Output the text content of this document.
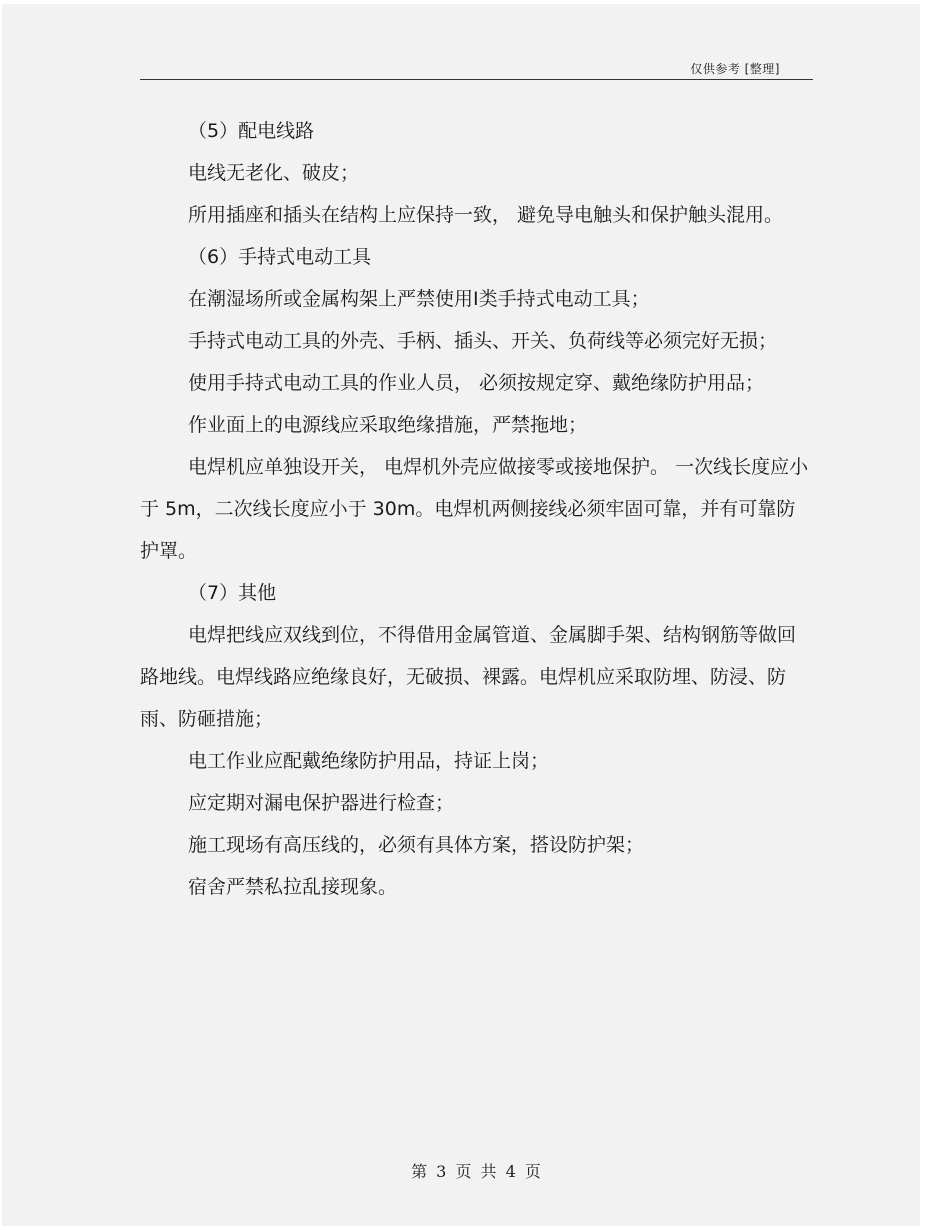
仅供参考 [整理]

（5）配电线路

电线无老化、破皮；

所用插座和插头在结构上应保持一致， 避免导电触头和保护触头混用。

（6）手持式电动工具

在潮湿场所或金属构架上严禁使用Ⅰ类手持式电动工具；

手持式电动工具的外壳、手柄、插头、开关、负荷线等必须完好无损；

使用手持式电动工具的作业人员， 必须按规定穿、戴绝缘防护用品；

作业面上的电源线应采取绝缘措施，严禁拖地；

电焊机应单独设开关， 电焊机外壳应做接零或接地保护。 一次线长度应小于 5m，二次线长度应小于 30m。电焊机两侧接线必须牢固可靠，并有可靠防护罩。

（7）其他

电焊把线应双线到位，不得借用金属管道、金属脚手架、结构钢筋等做回路地线。电焊线路应绝缘良好，无破损、裸露。电焊机应采取防埋、防浸、防雨、防砸措施；

电工作业应配戴绝缘防护用品，持证上岗；

应定期对漏电保护器进行检查；

施工现场有高压线的，必须有具体方案，搭设防护架；

宿舍严禁私拉乱接现象。

第 3 页 共 4 页
